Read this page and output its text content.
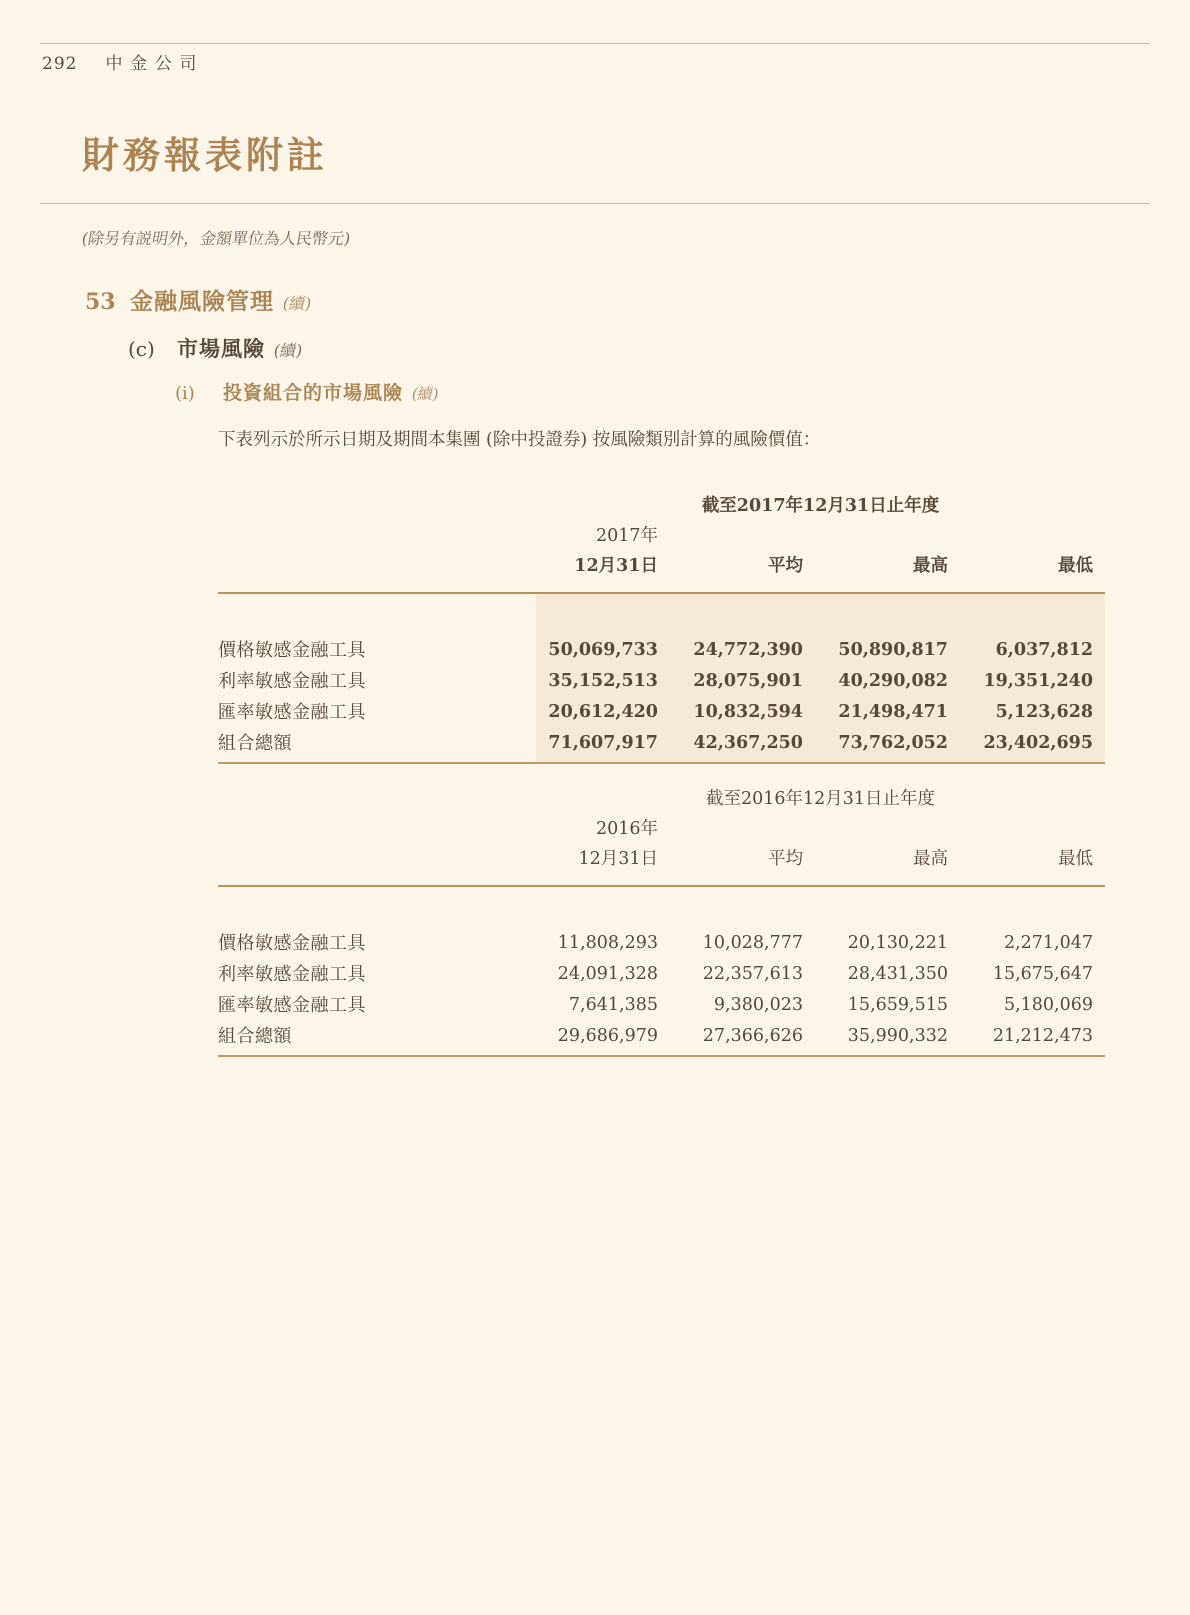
292 中金公司
財務報表附註
(除另有説明外，金額單位為人民幣元)
53 金融風險管理 (續)
(c)	市場風險 (續)
(i)	投資組合的市場風險 (續)
下表列示於所示日期及期間本集團 (除中投證券) 按風險類別計算的風險價值：
	截至2017年12月31日止年度			
	2017年			
	12月31日	平均	最高	最低

價格敏感金融工具	50,069,733	24,772,390	50,890,817	6,037,812
利率敏感金融工具	35,152,513	28,075,901	40,290,082	19,351,240
匯率敏感金融工具	20,612,420	10,832,594	21,498,471	5,123,628
組合總額	71,607,917	42,367,250	73,762,052	23,402,695
	截至2016年12月31日止年度			
	2016年			
	12月31日	平均	最高	最低

價格敏感金融工具	11,808,293	10,028,777	20,130,221	2,271,047
利率敏感金融工具	24,091,328	22,357,613	28,431,350	15,675,647
匯率敏感金融工具	7,641,385	9,380,023	15,659,515	5,180,069
組合總額	29,686,979	27,366,626	35,990,332	21,212,473
